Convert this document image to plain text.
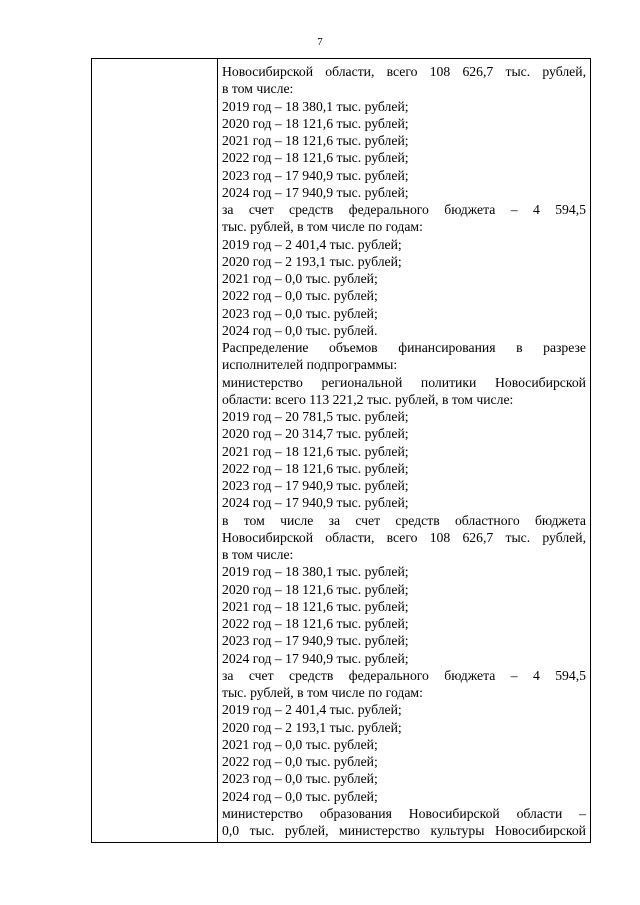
7
Новосибирской области, всего 108 626,7 тыс. рублей,
в том числе:
2019 год – 18 380,1 тыс. рублей;
2020 год – 18 121,6 тыс. рублей;
2021 год – 18 121,6 тыс. рублей;
2022 год – 18 121,6 тыс. рублей;
2023 год – 17 940,9 тыс. рублей;
2024 год – 17 940,9 тыс. рублей;
за счет средств федерального бюджета – 4 594,5
тыс. рублей, в том числе по годам:
2019 год – 2 401,4 тыс. рублей;
2020 год – 2 193,1 тыс. рублей;
2021 год – 0,0 тыс. рублей;
2022 год – 0,0 тыс. рублей;
2023 год – 0,0 тыс. рублей;
2024 год – 0,0 тыс. рублей.
Распределение объемов финансирования в разрезе
исполнителей подпрограммы:
министерство региональной политики Новосибирской
области: всего 113 221,2 тыс. рублей, в том числе:
2019 год – 20 781,5 тыс. рублей;
2020 год – 20 314,7 тыс. рублей;
2021 год – 18 121,6 тыс. рублей;
2022 год – 18 121,6 тыс. рублей;
2023 год – 17 940,9 тыс. рублей;
2024 год – 17 940,9 тыс. рублей;
в том числе за счет средств областного бюджета
Новосибирской области, всего 108 626,7 тыс. рублей,
в том числе:
2019 год – 18 380,1 тыс. рублей;
2020 год – 18 121,6 тыс. рублей;
2021 год – 18 121,6 тыс. рублей;
2022 год – 18 121,6 тыс. рублей;
2023 год – 17 940,9 тыс. рублей;
2024 год – 17 940,9 тыс. рублей;
за счет средств федерального бюджета – 4 594,5
тыс. рублей, в том числе по годам:
2019 год – 2 401,4 тыс. рублей;
2020 год – 2 193,1 тыс. рублей;
2021 год – 0,0 тыс. рублей;
2022 год – 0,0 тыс. рублей;
2023 год – 0,0 тыс. рублей;
2024 год – 0,0 тыс. рублей;
министерство образования Новосибирской области –
0,0 тыс. рублей, министерство культуры Новосибирской
